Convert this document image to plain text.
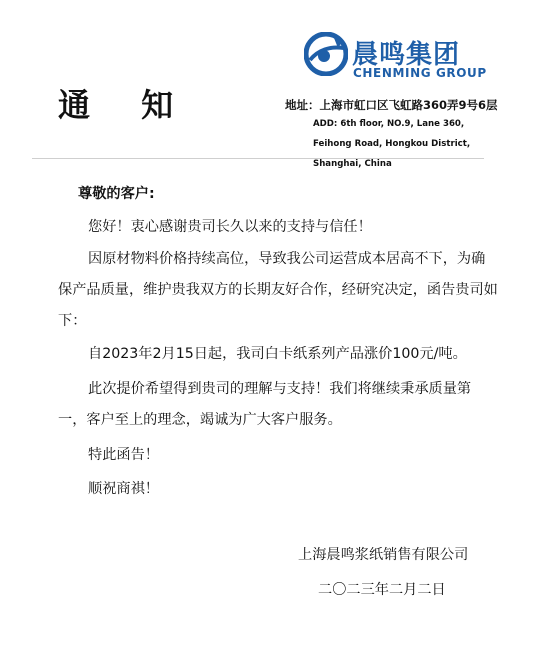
通 知
晨鸣集团
CHENMING GROUP
地址：上海市虹口区飞虹路360弄9号6层
ADD: 6th floor, NO.9, Lane 360, Feihong Road, Hongkou District, Shanghai, China
尊敬的客户:

您好！衷心感谢贵司长久以来的支持与信任！

因原材物料价格持续高位，导致我公司运营成本居高不下，为确保产品质量，维护贵我双方的长期友好合作，经研究决定，函告贵司如下：

自2023年2月15日起，我司白卡纸系列产品涨价100元/吨。

此次提价希望得到贵司的理解与支持！我们将继续秉承质量第一，客户至上的理念，竭诚为广大客户服务。

特此函告！

顺祝商祺！

上海晨鸣浆纸销售有限公司
二〇二三年二月二日
